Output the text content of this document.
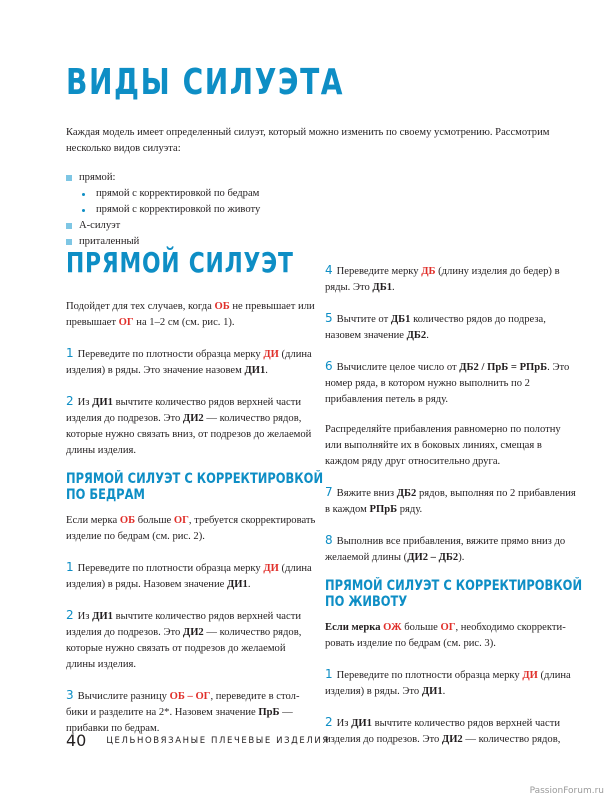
ВИДЫ СИЛУЭТА

Каждая модель имеет определенный силуэт, который можно изменить по своему усмотрению. Рассмотрим несколько видов силуэта:

прямой:
прямой с корректировкой по бедрам
прямой с корректировкой по животу
А-силуэт
приталенный
ПРЯМОЙ СИЛУЭТ

Подойдет для тех случаев, когда ОБ не превышает или превышает ОГ на 1–2 см (см. рис. 1).

1 Переведите по плотности образца мерку ДИ (длина изделия) в ряды. Это значение назовем ДИ1.

2 Из ДИ1 вычтите количество рядов верхней части изделия до подрезов. Это ДИ2 — количество рядов, которые нужно связать вниз, от подрезов до желаемой длины изделия.

ПРЯМОЙ СИЛУЭТ С КОРРЕКТИРОВКОЙ
ПО БЕДРАМ

Если мерка ОБ больше ОГ, требуется скорректировать изделие по бедрам (см. рис. 2).

1 Переведите по плотности образца мерку ДИ (длина изделия) в ряды. Назовем значение ДИ1.

2 Из ДИ1 вычтите количество рядов верхней части изделия до подрезов. Это ДИ2 — количество рядов, которые нужно связать от подрезов до желаемой длины изделия.

3 Вычислите разницу ОБ – ОГ, переведите в столбики и разделите на 2*. Назовем значение ПрБ — прибавки по бедрам.

4 Переведите мерку ДБ (длину изделия до бедер) в ряды. Это ДБ1.

5 Вычтите от ДБ1 количество рядов до подреза, назовем значение ДБ2.

6 Вычислите целое число от ДБ2 / ПрБ = РПрБ. Это номер ряда, в котором нужно выполнить по 2 прибавления петель в ряду.

Распределяйте прибавления равномерно по полотну или выполняйте их в боковых линиях, смещая в каждом ряду друг относительно друга.

7 Вяжите вниз ДБ2 рядов, выполняя по 2 прибавления в каждом РПрБ ряду.

8 Выполнив все прибавления, вяжите прямо вниз до желаемой длины (ДИ2 – ДБ2).

ПРЯМОЙ СИЛУЭТ С КОРРЕКТИРОВКОЙ
ПО ЖИВОТУ

Если мерка ОЖ больше ОГ, необходимо скорректировать изделие по бедрам (см. рис. 3).

1 Переведите по плотности образца мерку ДИ (длина изделия) в ряды. Это ДИ1.

2 Из ДИ1 вычтите количество рядов верхней части изделия до подрезов. Это ДИ2 — количество рядов,

40 ЦЕЛЬНОВЯЗАНЫЕ ПЛЕЧЕВЫЕ ИЗДЕЛИЯ
PassionForum.ru
